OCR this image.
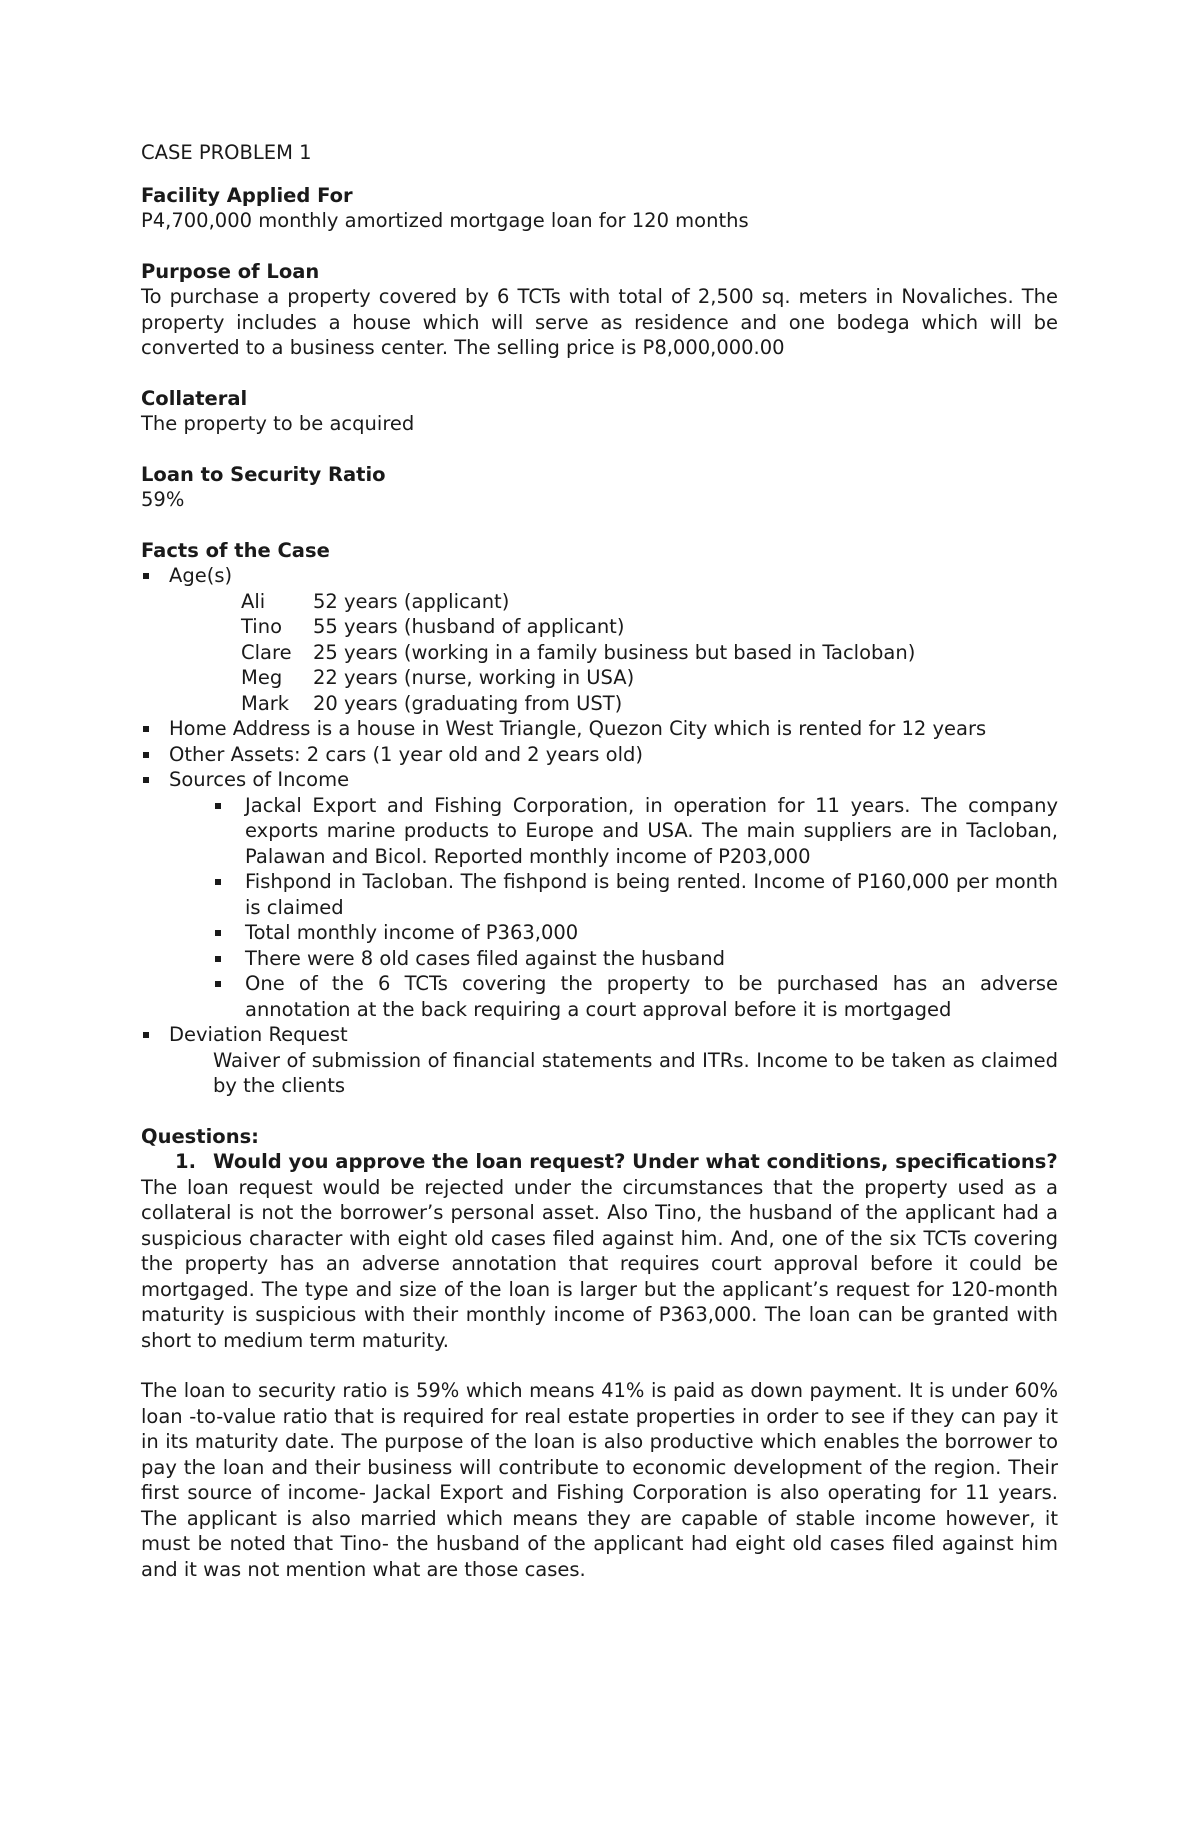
CASE PROBLEM 1

Facility Applied For

P4,700,000 monthly amortized mortgage loan for 120 months

Purpose of Loan

To purchase a property covered by 6 TCTs with total of 2,500 sq. meters in Novaliches. The property includes a house which will serve as residence and one bodega which will be converted to a business center. The selling price is P8,000,000.00

Collateral

The property to be acquired

Loan to Security Ratio

59%

Facts of the Case

Age(s)
Ali	52 years (applicant)
Tino	55 years (husband of applicant)
Clare	25 years (working in a family business but based in Tacloban)
Meg	22 years (nurse, working in USA)
Mark	20 years (graduating from UST)
Home Address is a house in West Triangle, Quezon City which is rented for 12 years
Other Assets: 2 cars (1 year old and 2 years old)
Sources of Income
Jackal Export and Fishing Corporation, in operation for 11 years. The company exports marine products to Europe and USA. The main suppliers are in Tacloban, Palawan and Bicol. Reported monthly income of P203,000
Fishpond in Tacloban. The fishpond is being rented. Income of P160,000 per month is claimed
Total monthly income of P363,000
There were 8 old cases filed against the husband
One of the 6 TCTs covering the property to be purchased has an adverse annotation at the back requiring a court approval before it is mortgaged
Deviation Request

Waiver of submission of financial statements and ITRs. Income to be taken as claimed by the clients

Questions:

1. Would you approve the loan request? Under what conditions, specifications?

The loan request would be rejected under the circumstances that the property used as a collateral is not the borrower’s personal asset. Also Tino, the husband of the applicant had a suspicious character with eight old cases filed against him. And, one of the six TCTs covering the property has an adverse annotation that requires court approval before it could be mortgaged. The type and size of the loan is larger but the applicant’s request for 120-month maturity is suspicious with their monthly income of P363,000. The loan can be granted with short to medium term maturity.

The loan to security ratio is 59% which means 41% is paid as down payment. It is under 60% loan -to-value ratio that is required for real estate properties in order to see if they can pay it in its maturity date. The purpose of the loan is also productive which enables the borrower to pay the loan and their business will contribute to economic development of the region. Their first source of income- Jackal Export and Fishing Corporation is also operating for 11 years. The applicant is also married which means they are capable of stable income however, it must be noted that Tino- the husband of the applicant had eight old cases filed against him and it was not mention what are those cases.
